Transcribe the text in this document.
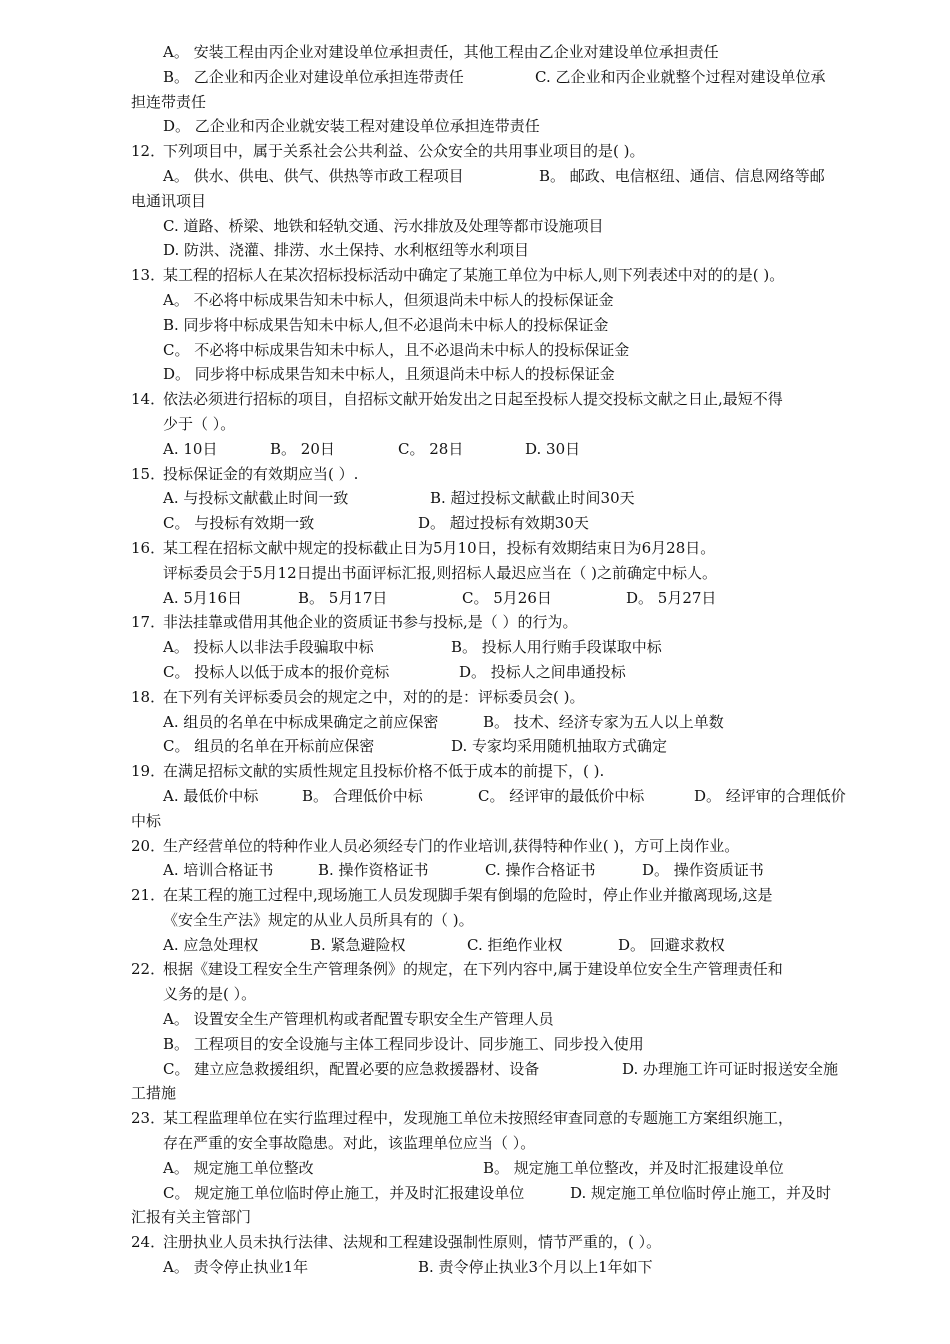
A。 安装工程由丙企业对建设单位承担责任，其他工程由乙企业对建设单位承担责任
B。 乙企业和丙企业对建设单位承担连带责任	C. 乙企业和丙企业就整个过程对建设单位承
担连带责任
D。 乙企业和丙企业就安装工程对建设单位承担连带责任
12．下列项目中，属于关系社会公共利益、公众安全的共用事业项目的是( )。
A。 供水、供电、供气、供热等市政工程项目	B。 邮政、电信枢纽、通信、信息网络等邮
电通讯项目
C. 道路、桥梁、地铁和轻轨交通、污水排放及处理等都市设施项目
D. 防洪、浇灌、排涝、水土保持、水利枢纽等水利项目
13．某工程的招标人在某次招标投标活动中确定了某施工单位为中标人,则下列表述中对的的是( )。
A。 不必将中标成果告知未中标人，但须退尚未中标人的投标保证金
B. 同步将中标成果告知未中标人,但不必退尚未中标人的投标保证金
C。 不必将中标成果告知未中标人，且不必退尚未中标人的投标保证金
D。 同步将中标成果告知未中标人，且须退尚未中标人的投标保证金
14．依法必须进行招标的项目，自招标文献开始发出之日起至投标人提交投标文献之日止,最短不得
少于（ ）。
A. 10日	B。 20日	C。 28日	D. 30日
15．投标保证金的有效期应当( ）.
A. 与投标文献截止时间一致	B. 超过投标文献截止时间30天
C。 与投标有效期一致	D。 超过投标有效期30天
16．某工程在招标文献中规定的投标截止日为5月10日，投标有效期结束日为6月28日。
评标委员会于5月12日提出书面评标汇报,则招标人最迟应当在（ )之前确定中标人。
A. 5月16日	B。 5月17日	C。 5月26日	D。 5月27日
17．非法挂靠或借用其他企业的资质证书参与投标,是（ ）的行为。
A。 投标人以非法手段骗取中标	B。 投标人用行贿手段谋取中标
C。 投标人以低于成本的报价竞标	D。 投标人之间串通投标
18．在下列有关评标委员会的规定之中，对的的是：评标委员会( )。
A. 组员的名单在中标成果确定之前应保密	B。 技术、经济专家为五人以上单数
C。 组员的名单在开标前应保密	D. 专家均采用随机抽取方式确定
19．在满足招标文献的实质性规定且投标价格不低于成本的前提下，( ).
A. 最低价中标	B。 合理低价中标	C。 经评审的最低价中标	D。 经评审的合理低价
中标
20．生产经营单位的特种作业人员必须经专门的作业培训,获得特种作业( )，方可上岗作业。
A. 培训合格证书	B. 操作资格证书	C. 操作合格证书	D。 操作资质证书
21．在某工程的施工过程中,现场施工人员发现脚手架有倒塌的危险时，停止作业并撤离现场,这是
《安全生产法》规定的从业人员所具有的（ )。
A. 应急处理权	B. 紧急避险权	C. 拒绝作业权	D。 回避求救权
22．根据《建设工程安全生产管理条例》的规定，在下列内容中,属于建设单位安全生产管理责任和
义务的是( ）。
A。 设置安全生产管理机构或者配置专职安全生产管理人员
B。 工程项目的安全设施与主体工程同步设计、同步施工、同步投入使用
C。 建立应急救援组织，配置必要的应急救援器材、设备	D. 办理施工许可证时报送安全施
工措施
23．某工程监理单位在实行监理过程中，发现施工单位未按照经审查同意的专题施工方案组织施工，
存在严重的安全事故隐患。对此，该监理单位应当（ ）。
A。 规定施工单位整改	B。 规定施工单位整改，并及时汇报建设单位
C。 规定施工单位临时停止施工，并及时汇报建设单位	D. 规定施工单位临时停止施工，并及时
汇报有关主管部门
24．注册执业人员未执行法律、法规和工程建设强制性原则，情节严重的，( ）。
A。 责令停止执业1年	B. 责令停止执业3个月以上1年如下
